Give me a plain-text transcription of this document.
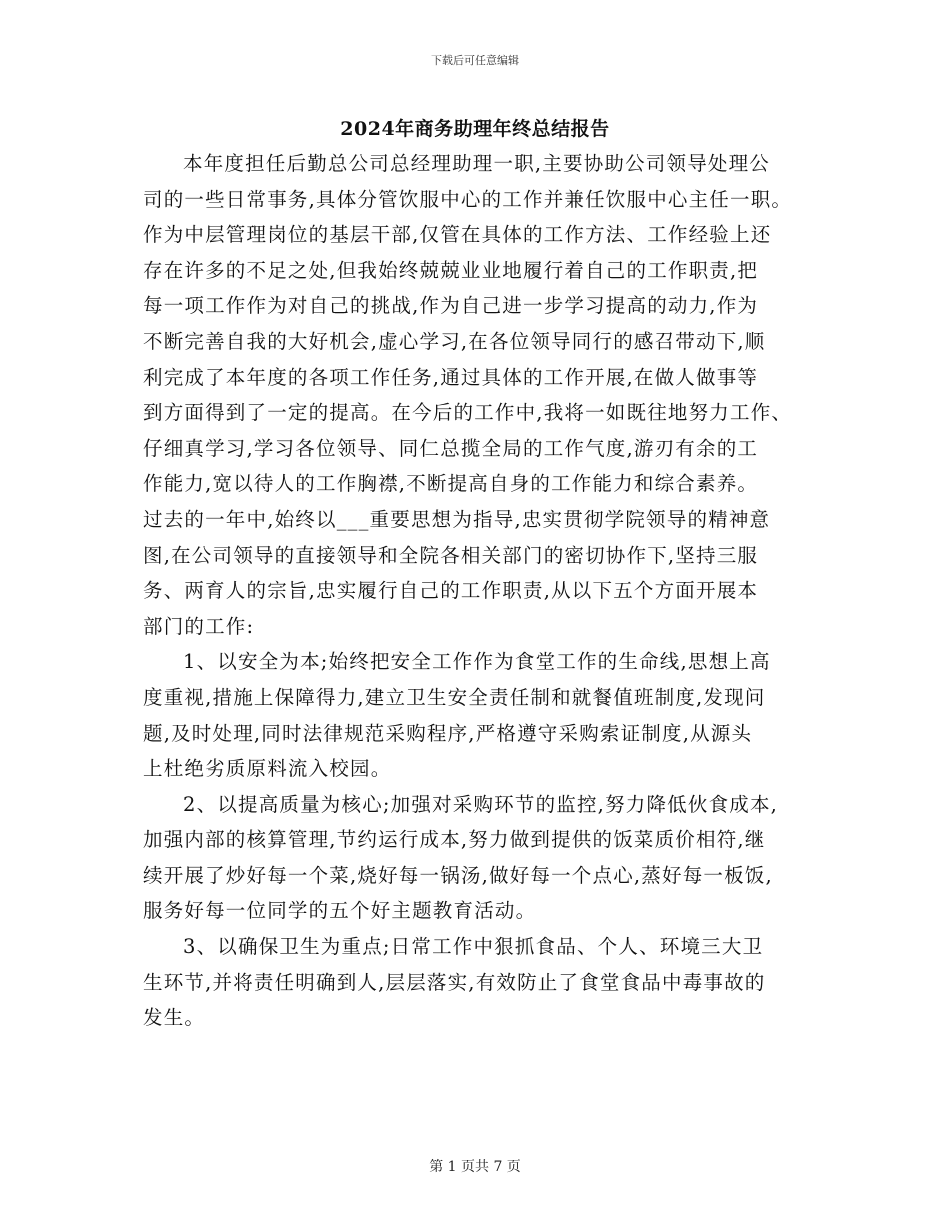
下载后可任意编辑
2024年商务助理年终总结报告
本年度担任后勤总公司总经理助理一职,主要协助公司领导处理公
司的一些日常事务,具体分管饮服中心的工作并兼任饮服中心主任一职。
作为中层管理岗位的基层干部,仅管在具体的工作方法、工作经验上还
存在许多的不足之处,但我始终兢兢业业地履行着自己的工作职责,把
每一项工作作为对自己的挑战,作为自己进一步学习提高的动力,作为
不断完善自我的大好机会,虚心学习,在各位领导同行的感召带动下,顺
利完成了本年度的各项工作任务,通过具体的工作开展,在做人做事等
到方面得到了一定的提高。在今后的工作中,我将一如既往地努力工作、
仔细真学习,学习各位领导、同仁总揽全局的工作气度,游刃有余的工
作能力,宽以待人的工作胸襟,不断提高自身的工作能力和综合素养。
过去的一年中,始终以___重要思想为指导,忠实贯彻学院领导的精神意
图,在公司领导的直接领导和全院各相关部门的密切协作下,坚持三服
务、两育人的宗旨,忠实履行自己的工作职责,从以下五个方面开展本
部门的工作:
1、以安全为本;始终把安全工作作为食堂工作的生命线,思想上高
度重视,措施上保障得力,建立卫生安全责任制和就餐值班制度,发现问
题,及时处理,同时法律规范采购程序,严格遵守采购索证制度,从源头
上杜绝劣质原料流入校园。
2、以提高质量为核心;加强对采购环节的监控,努力降低伙食成本,
加强内部的核算管理,节约运行成本,努力做到提供的饭菜质价相符,继
续开展了炒好每一个菜,烧好每一锅汤,做好每一个点心,蒸好每一板饭,
服务好每一位同学的五个好主题教育活动。
3、以确保卫生为重点;日常工作中狠抓食品、个人、环境三大卫
生环节,并将责任明确到人,层层落实,有效防止了食堂食品中毒事故的
发生。
第 1 页共 7 页
